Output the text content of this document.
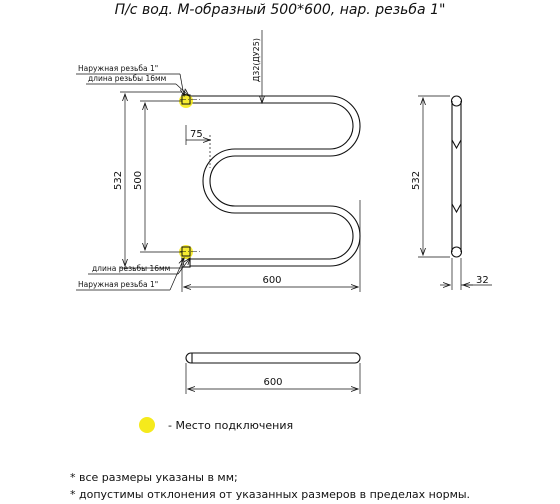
П/с вод. М-образный 500*600, нар. резьба 1"
Наружная резьба 1"
длина резьбы 16мм
длина резьбы 16мм
Наружная резьба 1"
Д32(ДУ25)
75
532 500
600
532
32
600
- Место подключения
* все размеры указаны в мм;
* допустимы отклонения от указанных размеров в пределах нормы.
